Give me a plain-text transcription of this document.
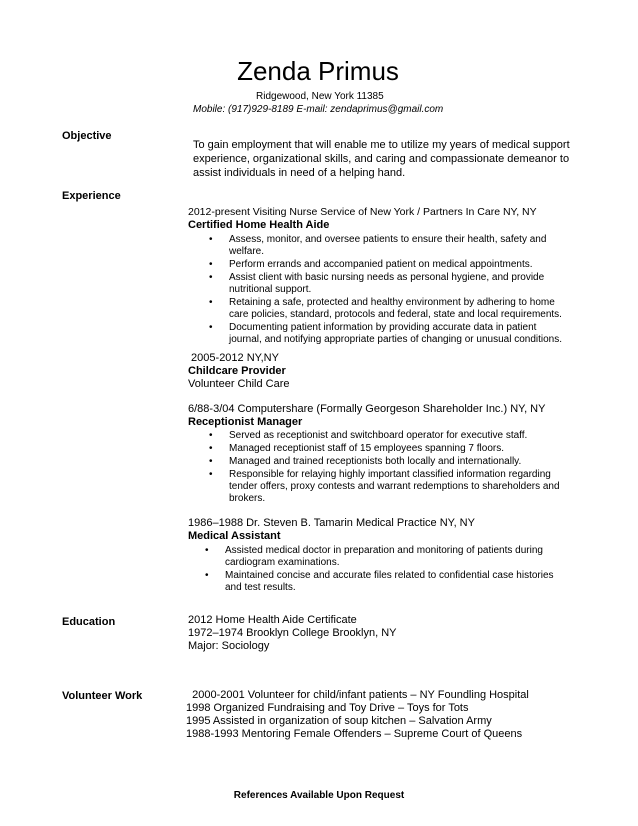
Zenda Primus
Ridgewood, New York 11385
Mobile: (917)929-8189 E-mail: zendaprimus@gmail.com
Objective
To gain employment that will enable me to utilize my years of medical support
experience, organizational skills, and caring and compassionate demeanor to
assist individuals in need of a helping hand.
Experience
2012-present Visiting Nurse Service of New York / Partners In Care NY, NY
Certified Home Health Aide
• Assess, monitor, and oversee patients to ensure their health, safety and
welfare.
• Perform errands and accompanied patient on medical appointments.
• Assist client with basic nursing needs as personal hygiene, and provide
nutritional support.
• Retaining a safe, protected and healthy environment by adhering to home
care policies, standard, protocols and federal, state and local requirements.
• Documenting patient information by providing accurate data in patient
journal, and notifying appropriate parties of changing or unusual conditions.
2005-2012 NY,NY
Childcare Provider
Volunteer Child Care
6/88-3/04 Computershare (Formally Georgeson Shareholder Inc.) NY, NY
Receptionist Manager
• Served as receptionist and switchboard operator for executive staff.
• Managed receptionist staff of 15 employees spanning 7 floors.
• Managed and trained receptionists both locally and internationally.
• Responsible for relaying highly important classified information regarding
tender offers, proxy contests and warrant redemptions to shareholders and
brokers.
1986–1988 Dr. Steven B. Tamarin Medical Practice NY, NY
Medical Assistant
• Assisted medical doctor in preparation and monitoring of patients during
cardiogram examinations.
• Maintained concise and accurate files related to confidential case histories
and test results.
Education	2012 Home Health Aide Certificate
1972–1974 Brooklyn College Brooklyn, NY
Major: Sociology
Volunteer Work	2000-2001 Volunteer for child/infant patients – NY Foundling Hospital
1998 Organized Fundraising and Toy Drive – Toys for Tots
1995 Assisted in organization of soup kitchen – Salvation Army
1988-1993 Mentoring Female Offenders – Supreme Court of Queens
References Available Upon Request
